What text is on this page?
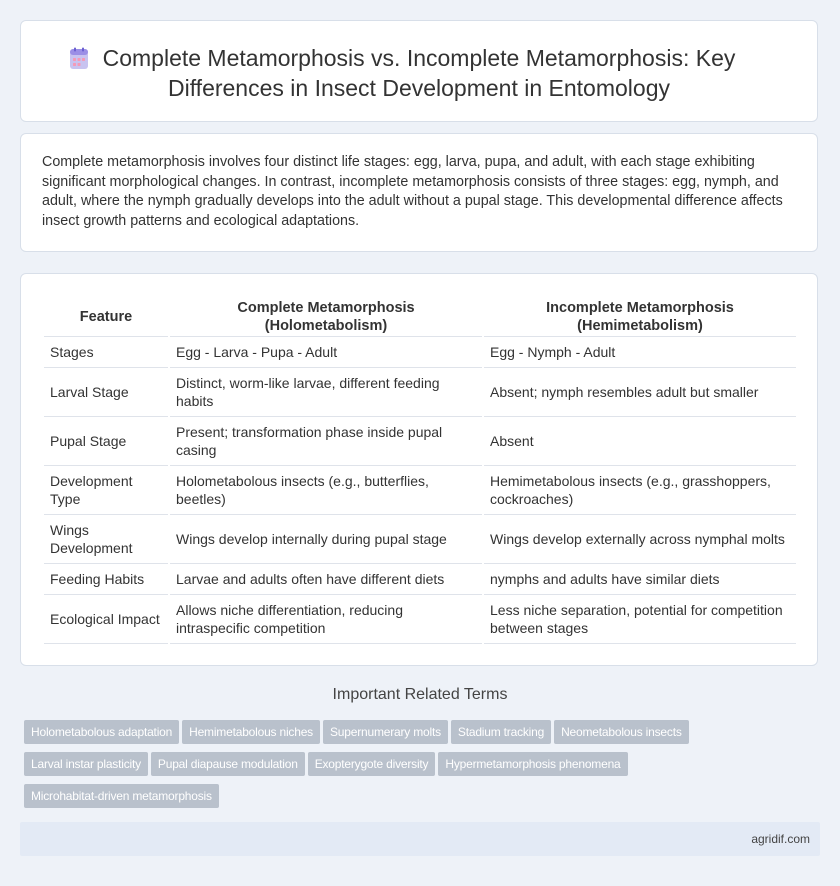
Complete Metamorphosis vs. Incomplete Metamorphosis: Key Differences in Insect Development in Entomology

Complete metamorphosis involves four distinct life stages: egg, larva, pupa, and adult, with each stage exhibiting significant morphological changes. In contrast, incomplete metamorphosis consists of three stages: egg, nymph, and adult, where the nymph gradually develops into the adult without a pupal stage. This developmental difference affects insect growth patterns and ecological adaptations.

Feature	Complete Metamorphosis (Holometabolism)	Incomplete Metamorphosis (Hemimetabolism)
Stages	Egg - Larva - Pupa - Adult	Egg - Nymph - Adult
Larval Stage	Distinct, worm-like larvae, different feeding habits	Absent; nymph resembles adult but smaller
Pupal Stage	Present; transformation phase inside pupal casing	Absent
Development Type	Holometabolous insects (e.g., butterflies, beetles)	Hemimetabolous insects (e.g., grasshoppers, cockroaches)
Wings Development	Wings develop internally during pupal stage	Wings develop externally across nymphal molts
Feeding Habits	Larvae and adults often have different diets	nymphs and adults have similar diets
Ecological Impact	Allows niche differentiation, reducing intraspecific competition	Less niche separation, potential for competition between stages
Important Related Terms
Holometabolous adaptation Hemimetabolous niches Supernumerary molts Stadium tracking Neometabolous insects
Larval instar plasticity Pupal diapause modulation Exopterygote diversity Hypermetamorphosis phenomena
Microhabitat-driven metamorphosis
agridif.com
